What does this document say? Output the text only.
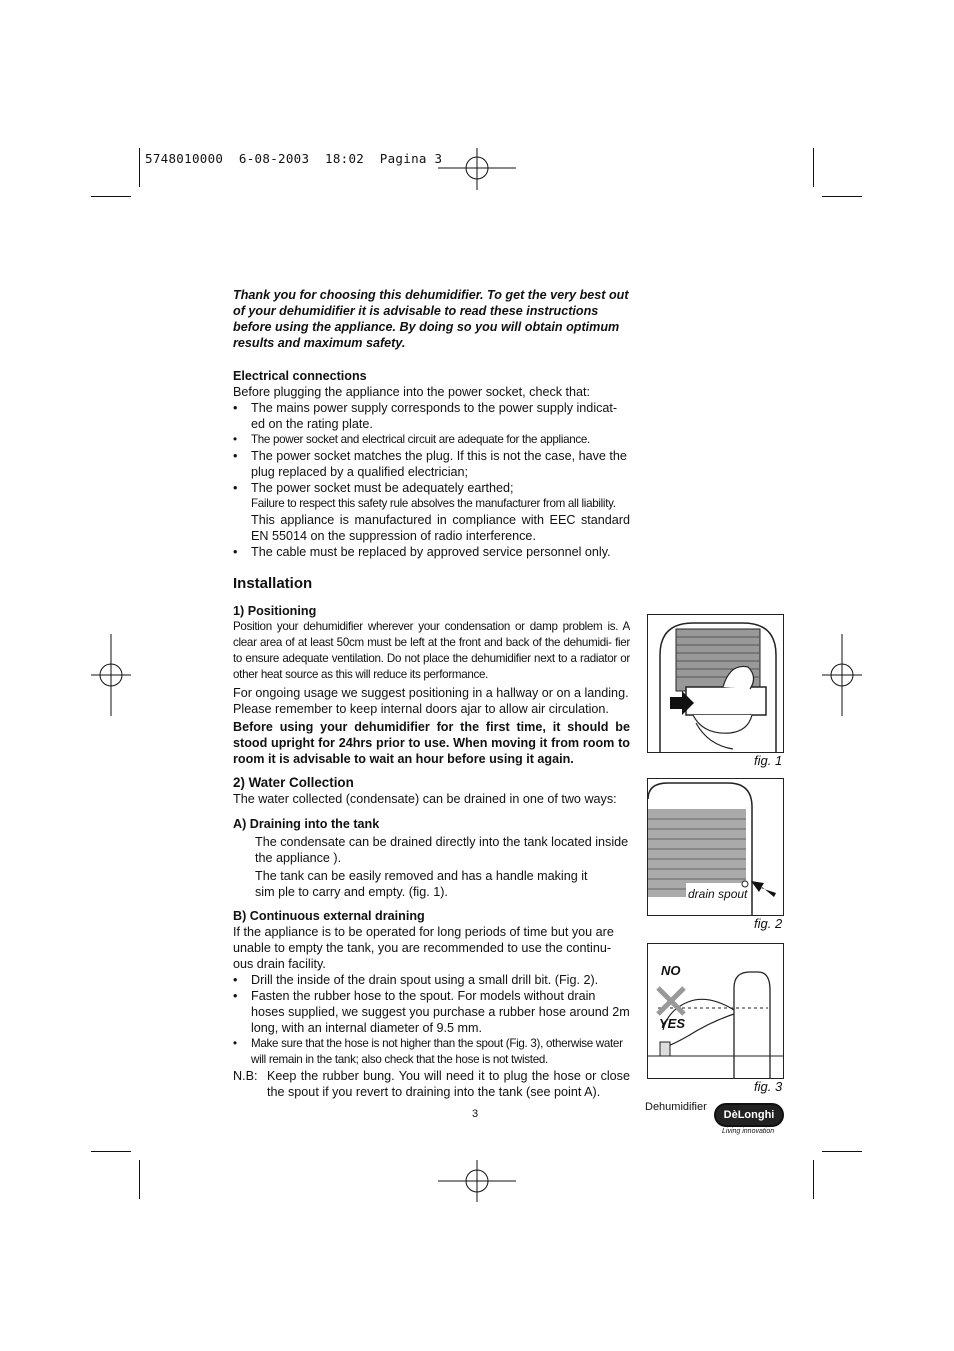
5748010000  6-08-2003  18:02  Pagina 3
Thank you for choosing this dehumidifier. To get the very best out of your dehumidifier it is advisable to read these instructions before using the appliance. By doing so you will obtain optimum results and maximum safety.
Electrical connections
Before plugging the appliance into the power socket, check that:
• The mains power supply corresponds to the power supply indicat- ed on the rating plate.
• The power socket and electrical circuit are adequate for the appliance.
• The power socket matches the plug. If this is not the case, have the plug replaced by a qualified electrician;
• The power socket must be adequately earthed;
Failure to respect this safety rule absolves the manufacturer from all liability.
This appliance is manufactured in compliance with EEC standard EN 55014 on the suppression of radio interference.
• The cable must be replaced by approved service personnel only.
Installation
1) Positioning
Position your dehumidifier wherever your condensation or damp problem is. A clear area of at least 50cm must be left at the front and back of the dehumidi- fier to ensure adequate ventilation. Do not place the dehumidifier next to a radiator or other heat source as this will reduce its performance.
For ongoing usage we suggest positioning in a hallway or on a landing. Please remember to keep internal doors ajar to allow air circulation.
Before using your dehumidifier for the first time, it should be stood upright for 24hrs prior to use. When moving it from room to room it is advisable to wait an hour before using it again.
2) Water Collection
The water collected (condensate) can be drained in one of two ways:
A) Draining into the tank
The condensate can be drained directly into the tank located inside the appliance ).
The tank can be easily removed and has a handle making it sim ple to carry and empty. (fig. 1).
B) Continuous external draining
If the appliance is to be operated for long periods of time but you are unable to empty the tank, you are recommended to use the continu- ous drain facility.
• Drill the inside of the drain spout using a small drill bit. (Fig. 2).
• Fasten the rubber hose to the spout. For models without drain hoses supplied, we suggest you purchase a rubber hose around 2m long, with an internal diameter of 9.5 mm.
• Make sure that the hose is not higher than the spout (Fig. 3), otherwise water will remain in the tank; also check that the hose is not twisted.
N.B: Keep the rubber bung. You will need it to plug the hose or close the spout if you revert to draining into the tank (see point A).
fig. 1
drain spout
fig. 2
NO
YES
fig. 3
3
Dehumidifier
DèLonghi
Living innovation
